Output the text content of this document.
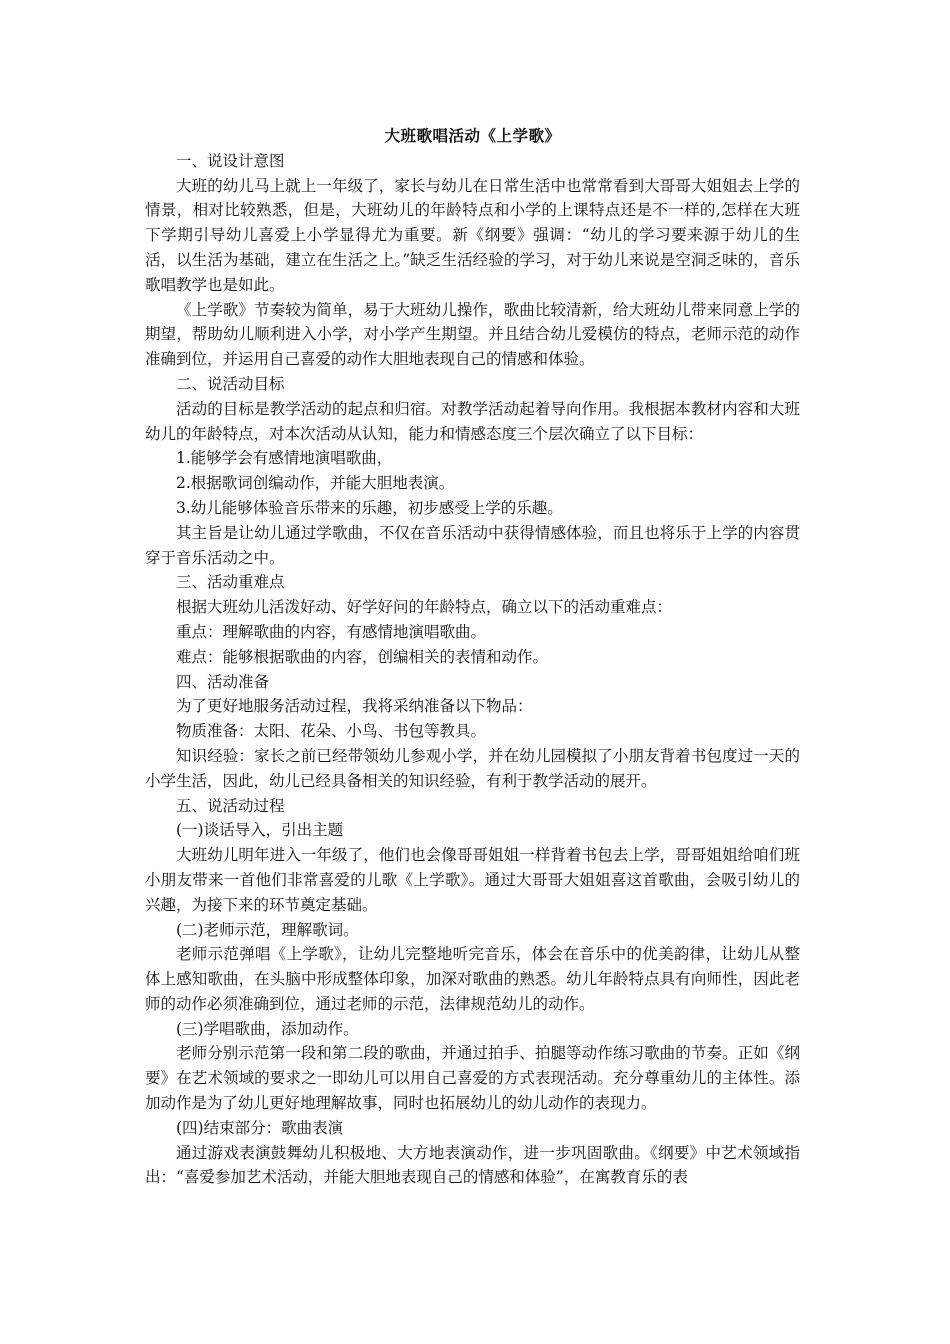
大班歌唱活动《上学歌》

一、说设计意图

大班的幼儿马上就上一年级了，家长与幼儿在日常生活中也常常看到大哥哥大姐姐去上学的情景，相对比较熟悉，但是，大班幼儿的年龄特点和小学的上课特点还是不一样的,怎样在大班下学期引导幼儿喜爱上小学显得尤为重要。新《纲要》强调：“幼儿的学习要来源于幼儿的生活，以生活为基础，建立在生活之上。”缺乏生活经验的学习，对于幼儿来说是空洞乏味的，音乐歌唱教学也是如此。

《上学歌》节奏较为简单，易于大班幼儿操作，歌曲比较清新，给大班幼儿带来同意上学的期望，帮助幼儿顺利进入小学，对小学产生期望。并且结合幼儿爱模仿的特点，老师示范的动作准确到位，并运用自己喜爱的动作大胆地表现自己的情感和体验。

二、说活动目标

活动的目标是教学活动的起点和归宿。对教学活动起着导向作用。我根据本教材内容和大班幼儿的年龄特点，对本次活动从认知，能力和情感态度三个层次确立了以下目标：

1.能够学会有感情地演唱歌曲，

2.根据歌词创编动作，并能大胆地表演。

3.幼儿能够体验音乐带来的乐趣，初步感受上学的乐趣。

其主旨是让幼儿通过学歌曲，不仅在音乐活动中获得情感体验，而且也将乐于上学的内容贯穿于音乐活动之中。

三、活动重难点

根据大班幼儿活泼好动、好学好问的年龄特点，确立以下的活动重难点：

重点：理解歌曲的内容，有感情地演唱歌曲。

难点：能够根据歌曲的内容，创编相关的表情和动作。

四、活动准备

为了更好地服务活动过程，我将采纳准备以下物品：

物质准备：太阳、花朵、小鸟、书包等教具。

知识经验：家长之前已经带领幼儿参观小学，并在幼儿园模拟了小朋友背着书包度过一天的小学生活，因此，幼儿已经具备相关的知识经验，有利于教学活动的展开。

五、说活动过程

(一)谈话导入，引出主题

大班幼儿明年进入一年级了，他们也会像哥哥姐姐一样背着书包去上学，哥哥姐姐给咱们班小朋友带来一首他们非常喜爱的儿歌《上学歌》。通过大哥哥大姐姐喜这首歌曲，会吸引幼儿的兴趣，为接下来的环节奠定基础。

(二)老师示范，理解歌词。

老师示范弹唱《上学歌》，让幼儿完整地听完音乐，体会在音乐中的优美韵律，让幼儿从整体上感知歌曲，在头脑中形成整体印象，加深对歌曲的熟悉。幼儿年龄特点具有向师性，因此老师的动作必须准确到位，通过老师的示范，法律规范幼儿的动作。

(三)学唱歌曲，添加动作。

老师分别示范第一段和第二段的歌曲，并通过拍手、拍腿等动作练习歌曲的节奏。正如《纲要》在艺术领域的要求之一即幼儿可以用自己喜爱的方式表现活动。充分尊重幼儿的主体性。添加动作是为了幼儿更好地理解故事，同时也拓展幼儿的幼儿动作的表现力。

(四)结束部分：歌曲表演

通过游戏表演鼓舞幼儿积极地、大方地表演动作，进一步巩固歌曲。《纲要》中艺术领域指出：“喜爱参加艺术活动，并能大胆地表现自己的情感和体验”，在寓教育乐的表
